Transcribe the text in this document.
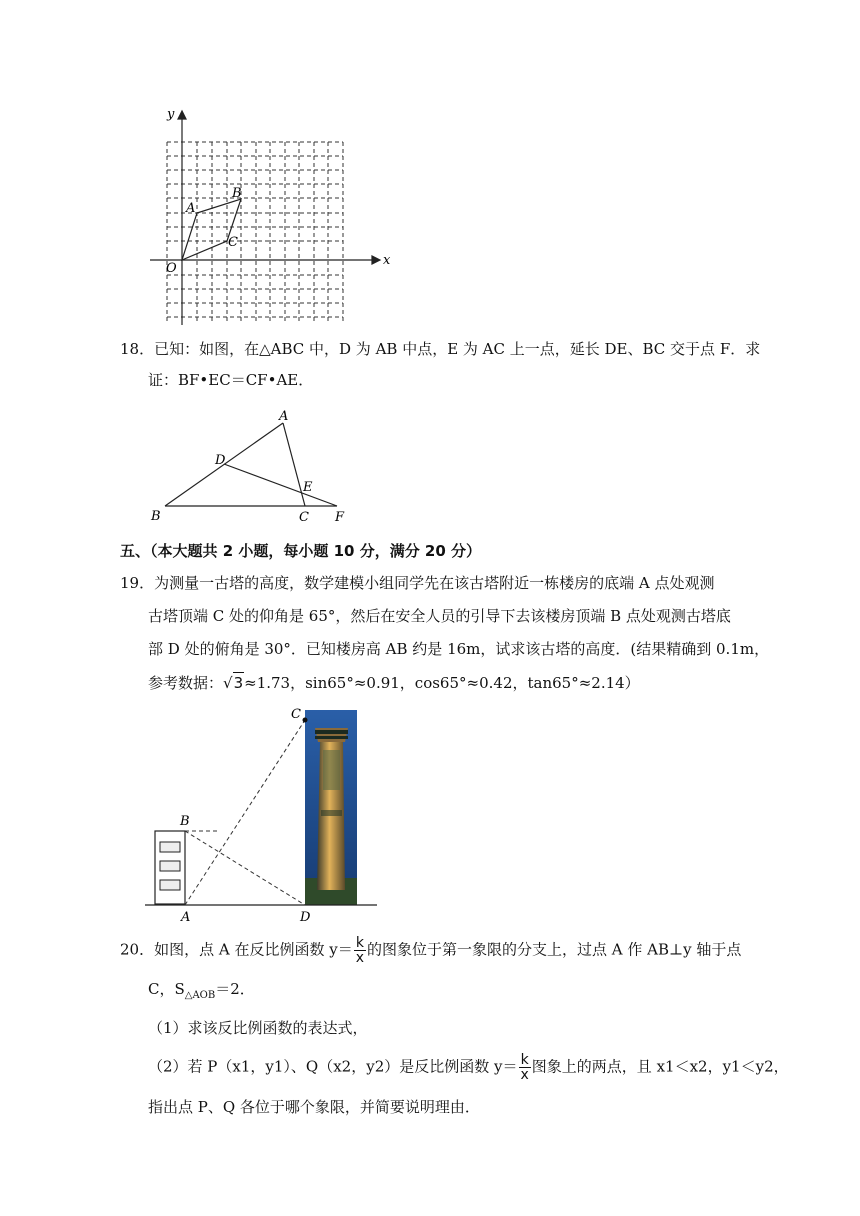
x
y
O
A
B
C
18．已知：如图，在△ABC 中，D 为 AB 中点，E 为 AC 上一点，延长 DE、BC 交于点 F．求
证：BF•EC＝CF•AE．
A
B	C
D
E
F
五、（本大题共 2 小题，每小题 10 分，满分 20 分）
19．为测量一古塔的高度，数学建模小组同学先在该古塔附近一栋楼房的底端 A 点处观测
古塔顶端 C 处的仰角是 65°，然后在安全人员的引导下去该楼房顶端 B 点处观测古塔底
部 D 处的俯角是 30°．已知楼房高 AB 约是 16m，试求该古塔的高度．(结果精确到 0.1m，
参考数据：√3≈1.73，sin65°≈0.91，cos65°≈0.42，tan65°≈2.14）
C
B
A	D
20．如图，点 A 在反比例函数 $y= \frac{k}{x}$ 的图象位于第一象限的分支上，过点 A 作 AB⊥y 轴于点
C，$S_{\triangle AOB}=2$．
（1）求该反比例函数的表达式，
（2）若 P（x1，y1）、Q（x2，y2）是反比例函数 $y= \frac{k}{x}$ 图象上的两点，且 x1＜x2，y1＜y2，
指出点 P、Q 各位于哪个象限，并简要说明理由．
